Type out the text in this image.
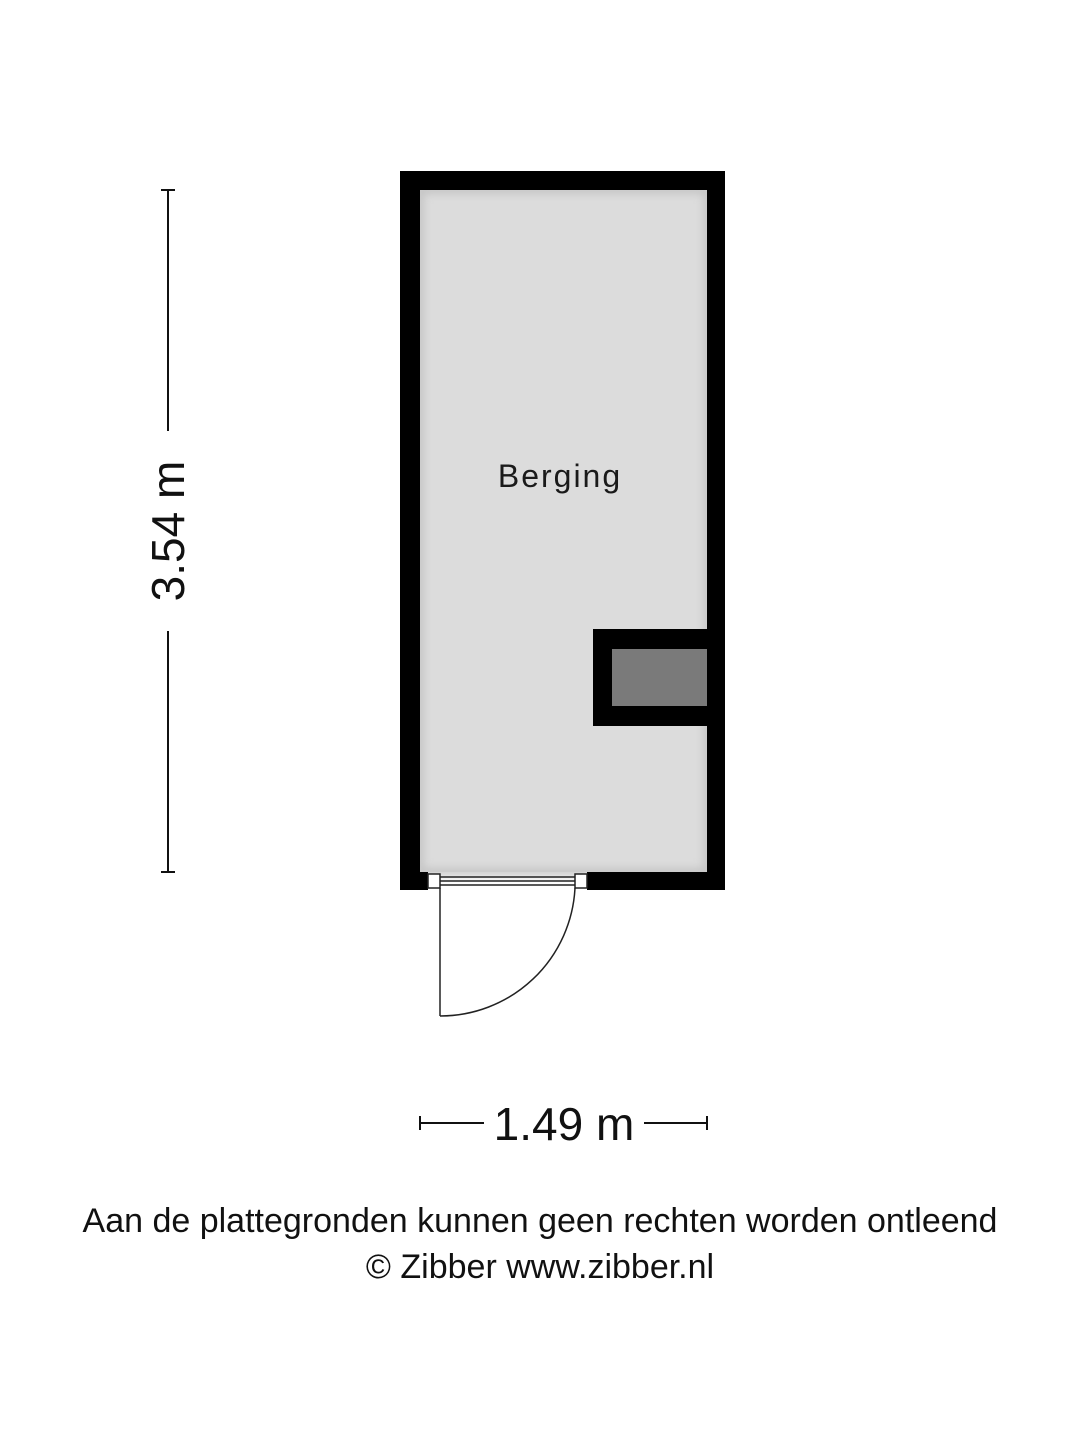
Berging
3.54 m
1.49 m
Aan de plattegronden kunnen geen rechten worden ontleend
© Zibber www.zibber.nl
